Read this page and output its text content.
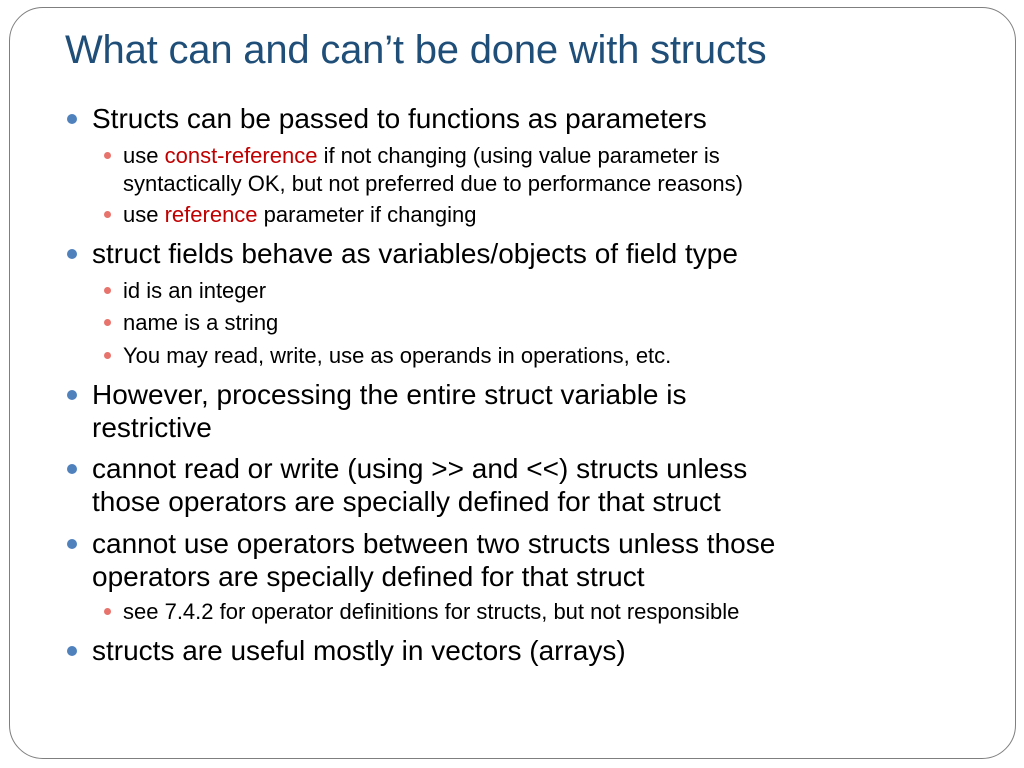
What can and can’t be done with structs
Structs can be passed to functions as parameters
use const-reference if not changing (using value parameter is
syntactically OK, but not preferred due to performance reasons)
use reference parameter if changing
struct fields behave as variables/objects of field type
id is an integer
name is a string
You may read, write, use as operands in operations, etc.
However, processing the entire struct variable is
restrictive
cannot read or write (using >> and <<) structs unless
those operators are specially defined for that struct
cannot use operators between two structs unless those
operators are specially defined for that struct
see 7.4.2 for operator definitions for structs, but not responsible
structs are useful mostly in vectors (arrays)
